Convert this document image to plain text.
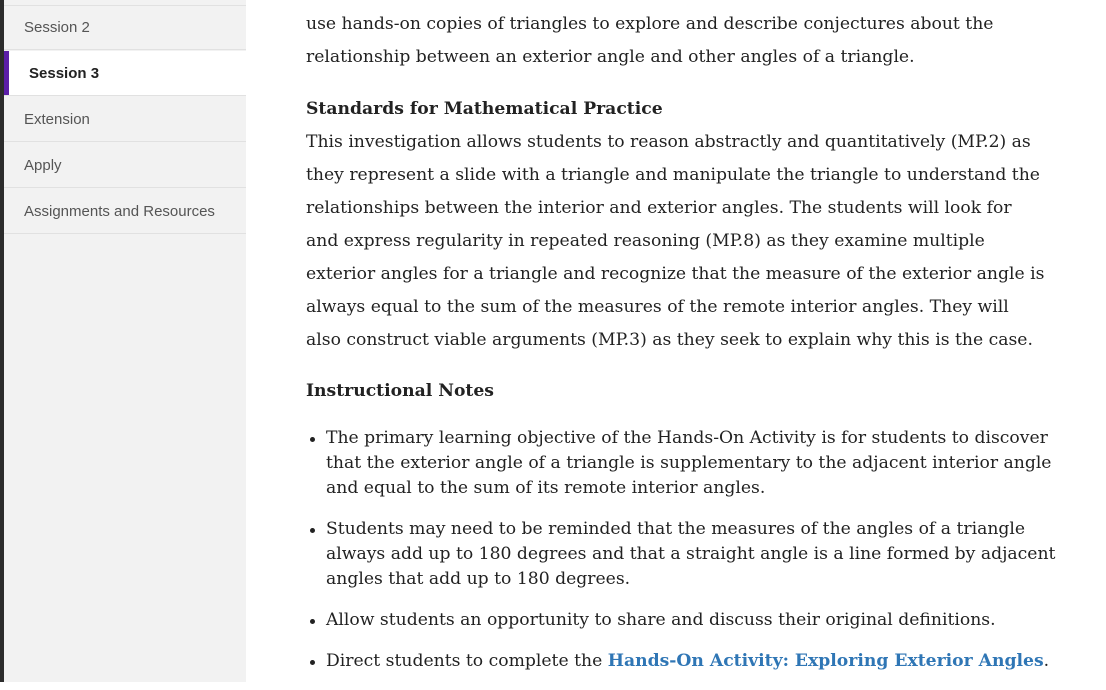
Session 2
Session 3
Extension
Apply
Assignments and Resources

use hands-on copies of triangles to explore and describe conjectures about the relationship between an exterior angle and other angles of a triangle.

Standards for Mathematical Practice

This investigation allows students to reason abstractly and quantitatively (MP.2) as they represent a slide with a triangle and manipulate the triangle to understand the relationships between the interior and exterior angles. The students will look for and express regularity in repeated reasoning (MP.8) as they examine multiple exterior angles for a triangle and recognize that the measure of the exterior angle is always equal to the sum of the measures of the remote interior angles. They will also construct viable arguments (MP.3) as they seek to explain why this is the case.

Instructional Notes
The primary learning objective of the Hands-On Activity is for students to discover that the exterior angle of a triangle is supplementary to the adjacent interior angle and equal to the sum of its remote interior angles.
Students may need to be reminded that the measures of the angles of a triangle always add up to 180 degrees and that a straight angle is a line formed by adjacent angles that add up to 180 degrees.
Allow students an opportunity to share and discuss their original definitions.
Direct students to complete the Hands-On Activity: Exploring Exterior Angles.
